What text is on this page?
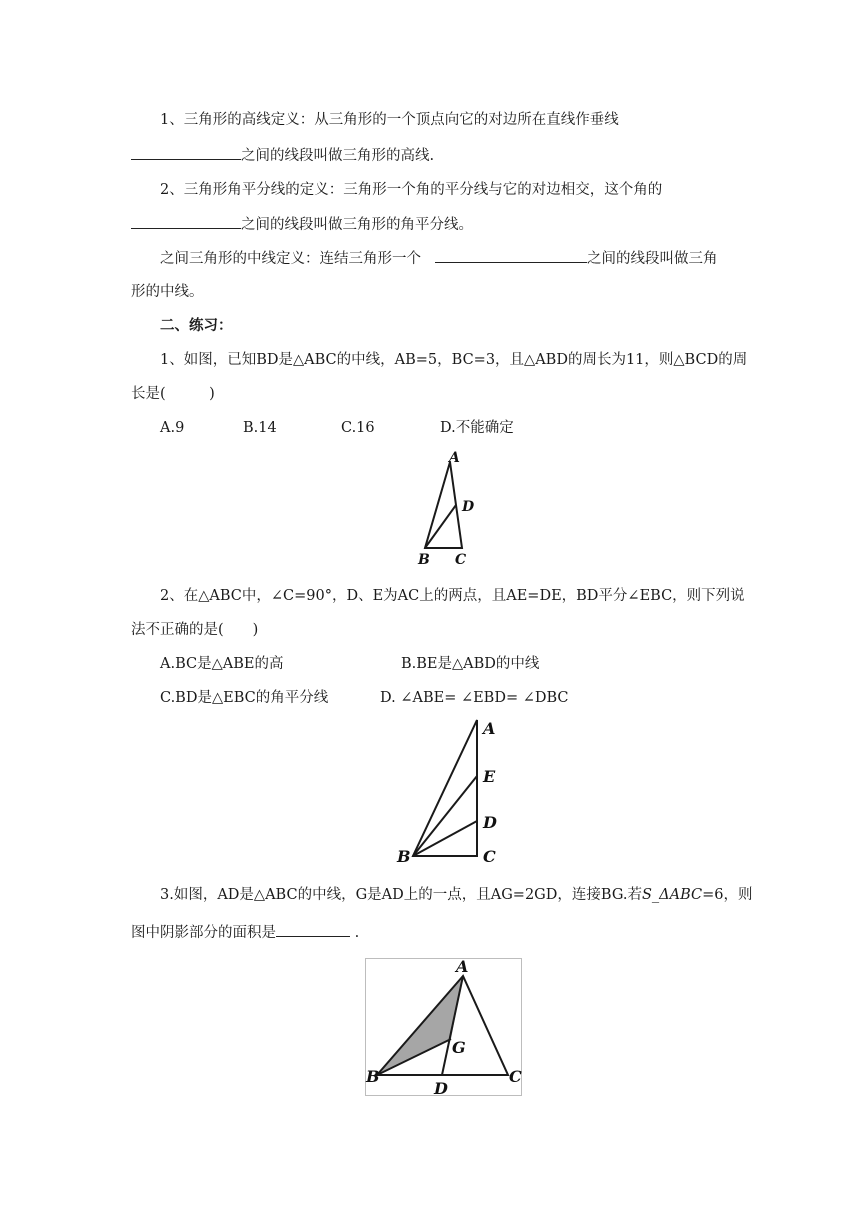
1、三角形的高线定义：从三角形的一个顶点向它的对边所在直线作垂线
之间的线段叫做三角形的高线.
2、三角形角平分线的定义：三角形一个角的平分线与它的对边相交，这个角的
之间的线段叫做三角形的角平分线。
之间三角形的中线定义：连结三角形一个	之间的线段叫做三角
形的中线。
二、练习：
1、如图，已知BD是△ABC的中线，AB=5，BC=3，且△ABD的周长为11，则△BCD的周
长是(　　　)
A.9	B.14	C.16	D.不能确定
A
D
B C
2、在△ABC中，∠C=90°，D、E为AC上的两点，且AE=DE，BD平分∠EBC，则下列说
法不正确的是(　　)
A.BC是△ABE的高	B.BE是△ABD的中线
C.BD是△EBC的角平分线	D. ∠ABE= ∠EBD= ∠DBC
A
E
D
B	C
3.如图，AD是△ABC的中线，G是AD上的一点，且AG=2GD，连接BG.若S_ΔABC=6，则
图中阴影部分的面积是	.
A
G
B
D
C
